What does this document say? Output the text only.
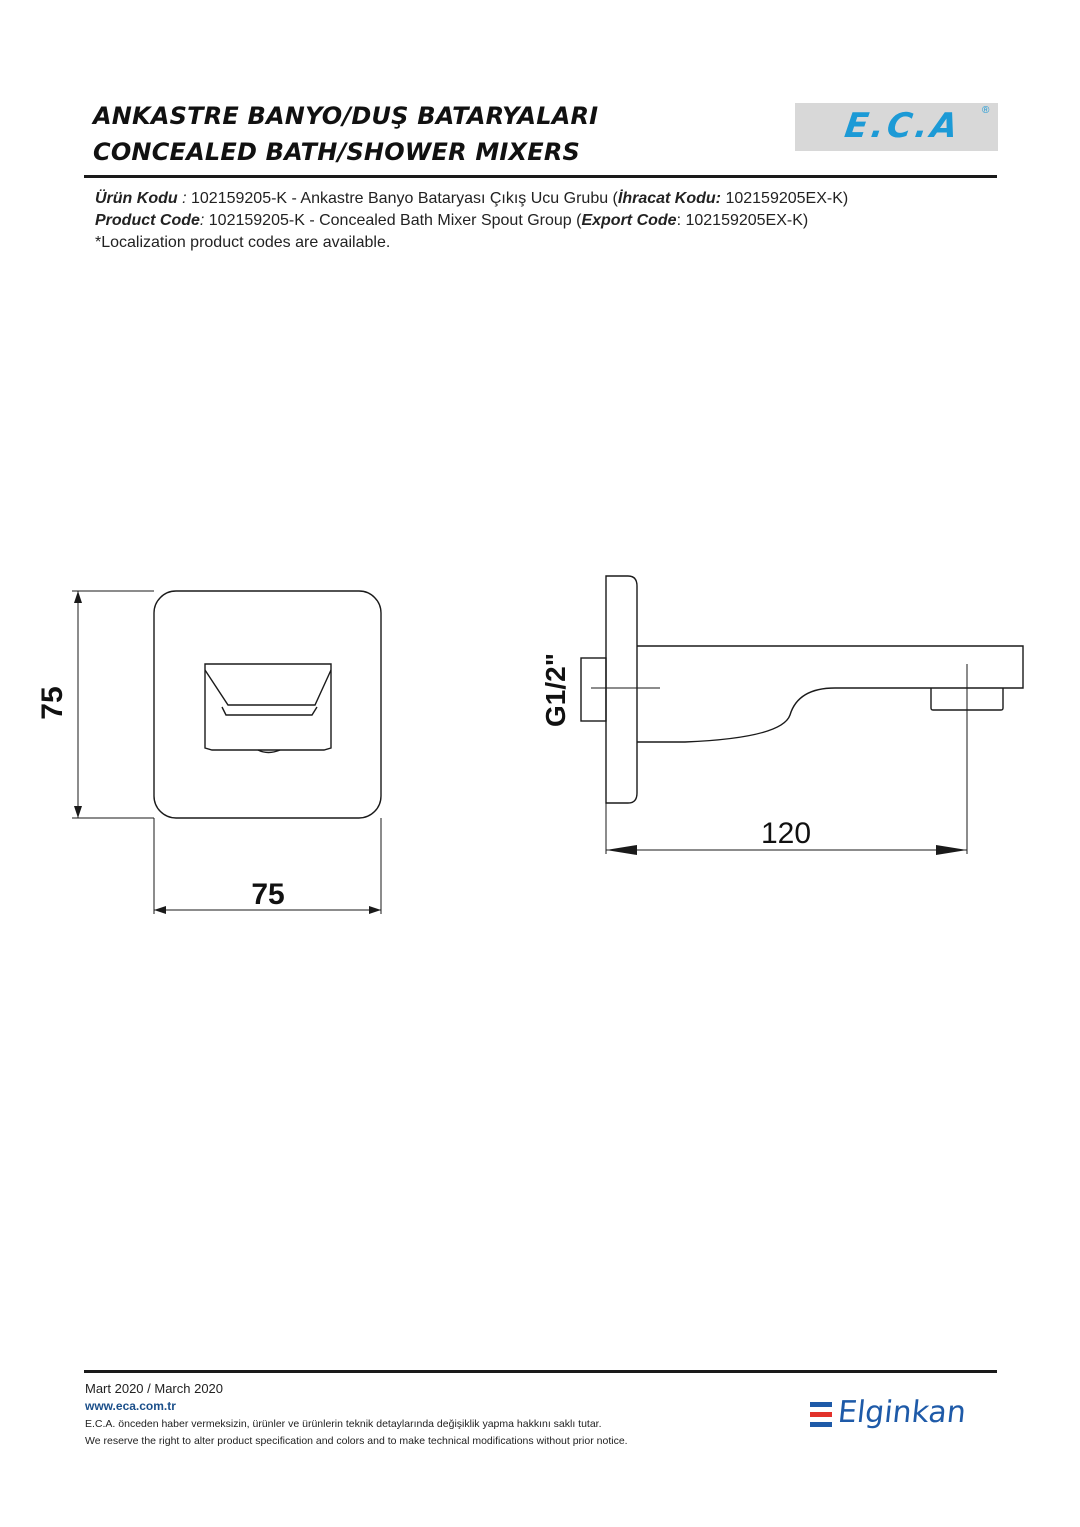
ANKASTRE BANYO/DUŞ BATARYALARI
CONCEALED BATH/SHOWER MIXERS
E.C.A ®
Ürün Kodu : 102159205-K - Ankastre Banyo Bataryası Çıkış Ucu Grubu (İhracat Kodu: 102159205EX-K)
Product Code: 102159205-K - Concealed Bath Mixer Spout Group (Export Code: 102159205EX-K)
*Localization product codes are available.
75
75
G1/2"
120
Mart 2020 / March 2020
www.eca.com.tr
E.C.A. önceden haber vermeksizin, ürünler ve ürünlerin teknik detaylarında değişiklik yapma hakkını saklı tutar.
We reserve the right to alter product specification and colors and to make technical modifications without prior notice.
Elginkan
